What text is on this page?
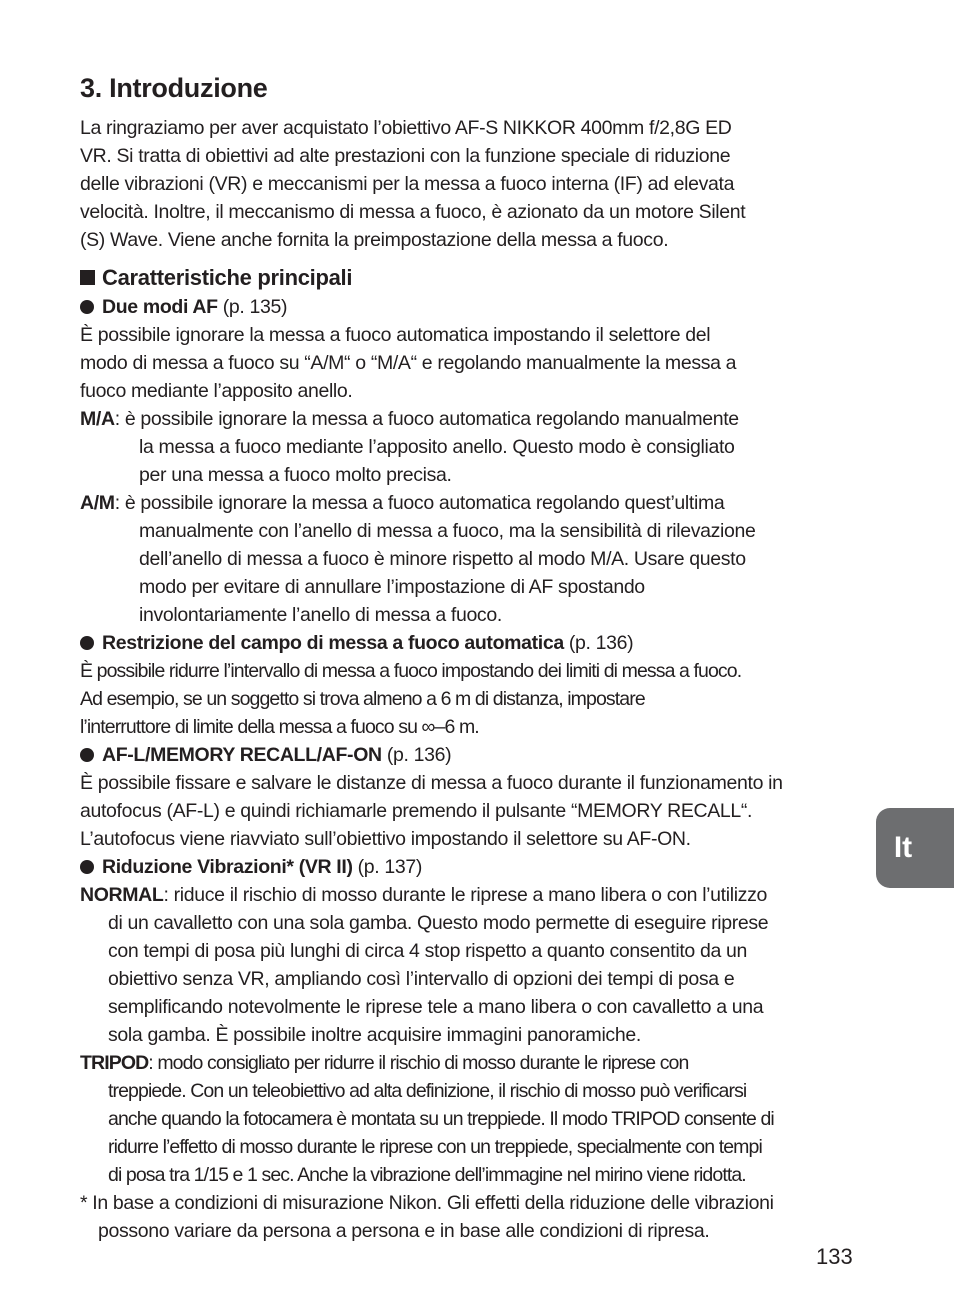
3. Introduzione
La ringraziamo per aver acquistato l’obiettivo AF-S NIKKOR 400mm f/2,8G ED
VR. Si tratta di obiettivi ad alte prestazioni con la funzione speciale di riduzione
delle vibrazioni (VR) e meccanismi per la messa a fuoco interna (IF) ad elevata
velocità. Inoltre, il meccanismo di messa a fuoco, è azionato da un motore Silent
(S) Wave. Viene anche fornita la preimpostazione della messa a fuoco.
Caratteristiche principali
Due modi AF (p. 135)
È possibile ignorare la messa a fuoco automatica impostando il selettore del
modo di messa a fuoco su “A/M“ o “M/A“ e regolando manualmente la messa a
fuoco mediante l’apposito anello.
M/A: è possibile ignorare la messa a fuoco automatica regolando manualmente
la messa a fuoco mediante l’apposito anello. Questo modo è consigliato
per una messa a fuoco molto precisa.
A/M: è possibile ignorare la messa a fuoco automatica regolando quest’ultima
manualmente con l’anello di messa a fuoco, ma la sensibilità di rilevazione
dell’anello di messa a fuoco è minore rispetto al modo M/A. Usare questo
modo per evitare di annullare l’impostazione di AF spostando
involontariamente l’anello di messa a fuoco.
Restrizione del campo di messa a fuoco automatica (p. 136)
È possibile ridurre l’intervallo di messa a fuoco impostando dei limiti di messa a fuoco.
Ad esempio, se un soggetto si trova almeno a 6 m di distanza, impostare
l’interruttore di limite della messa a fuoco su ∞–6 m.
AF-L/MEMORY RECALL/AF-ON (p. 136)
È possibile fissare e salvare le distanze di messa a fuoco durante il funzionamento in
autofocus (AF-L) e quindi richiamarle premendo il pulsante “MEMORY RECALL“.
L’autofocus viene riavviato sull’obiettivo impostando il selettore su AF-ON.
Riduzione Vibrazioni* (VR II) (p. 137)
NORMAL: riduce il rischio di mosso durante le riprese a mano libera o con l’utilizzo
di un cavalletto con una sola gamba. Questo modo permette di eseguire riprese
con tempi di posa più lunghi di circa 4 stop rispetto a quanto consentito da un
obiettivo senza VR, ampliando così l’intervallo di opzioni dei tempi di posa e
semplificando notevolmente le riprese tele a mano libera o con cavalletto a una
sola gamba. È possibile inoltre acquisire immagini panoramiche.
TRIPOD: modo consigliato per ridurre il rischio di mosso durante le riprese con
treppiede. Con un teleobiettivo ad alta definizione, il rischio di mosso può verificarsi
anche quando la fotocamera è montata su un treppiede. Il modo TRIPOD consente di
ridurre l’effetto di mosso durante le riprese con un treppiede, specialmente con tempi
di posa tra 1/15 e 1 sec. Anche la vibrazione dell’immagine nel mirino viene ridotta.
* In base a condizioni di misurazione Nikon. Gli effetti della riduzione delle vibrazioni
possono variare da persona a persona e in base alle condizioni di ripresa.
It
133
